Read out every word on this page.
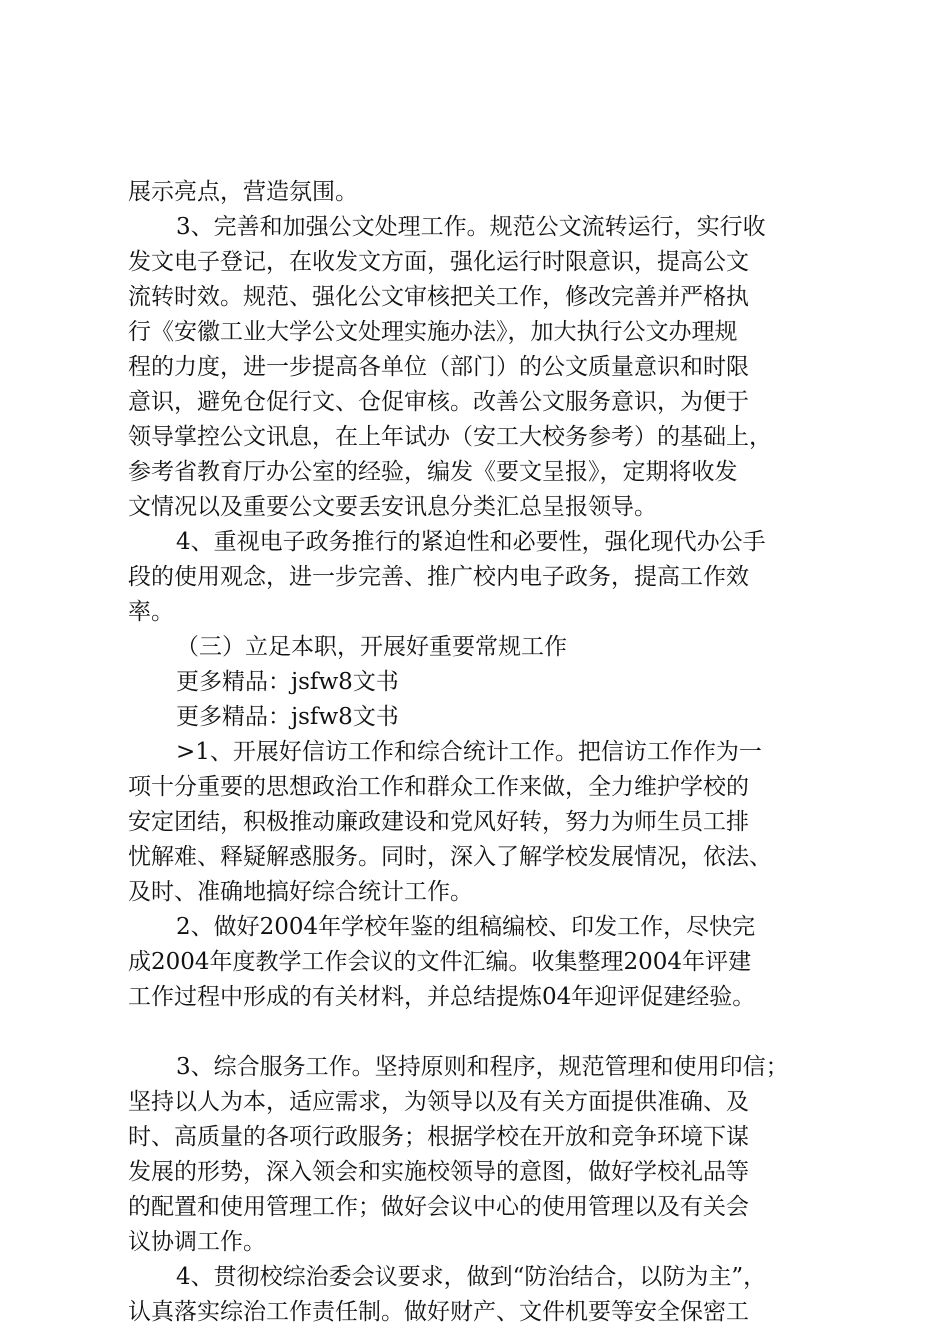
展示亮点，营造氛围。
3、完善和加强公文处理工作。规范公文流转运行，实行收
发文电子登记，在收发文方面，强化运行时限意识，提高公文
流转时效。规范、强化公文审核把关工作，修改完善并严格执
行《安徽工业大学公文处理实施办法》，加大执行公文办理规
程的力度，进一步提高各单位（部门）的公文质量意识和时限
意识，避免仓促行文、仓促审核。改善公文服务意识，为便于
领导掌控公文讯息，在上年试办（安工大校务参考）的基础上，
参考省教育厅办公室的经验，编发《要文呈报》，定期将收发
文情况以及重要公文要丢安讯息分类汇总呈报领导。
4、重视电子政务推行的紧迫性和必要性，强化现代办公手
段的使用观念，进一步完善、推广校内电子政务，提高工作效
率。
（三）立足本职，开展好重要常规工作
更多精品：jsfw8文书
更多精品：jsfw8文书
>1、开展好信访工作和综合统计工作。把信访工作作为一
项十分重要的思想政治工作和群众工作来做，全力维护学校的
安定团结，积极推动廉政建设和党风好转，努力为师生员工排
忧解难、释疑解惑服务。同时，深入了解学校发展情况，依法、
及时、准确地搞好综合统计工作。
2、做好2004年学校年鉴的组稿编校、印发工作，尽快完
成2004年度教学工作会议的文件汇编。收集整理2004年评建
工作过程中形成的有关材料，并总结提炼04年迎评促建经验。
3、综合服务工作。坚持原则和程序，规范管理和使用印信；
坚持以人为本，适应需求，为领导以及有关方面提供准确、及
时、高质量的各项行政服务；根据学校在开放和竞争环境下谋
发展的形势，深入领会和实施校领导的意图，做好学校礼品等
的配置和使用管理工作；做好会议中心的使用管理以及有关会
议协调工作。
4、贯彻校综治委会议要求，做到“防治结合，以防为主”，
认真落实综治工作责任制。做好财产、文件机要等安全保密工
